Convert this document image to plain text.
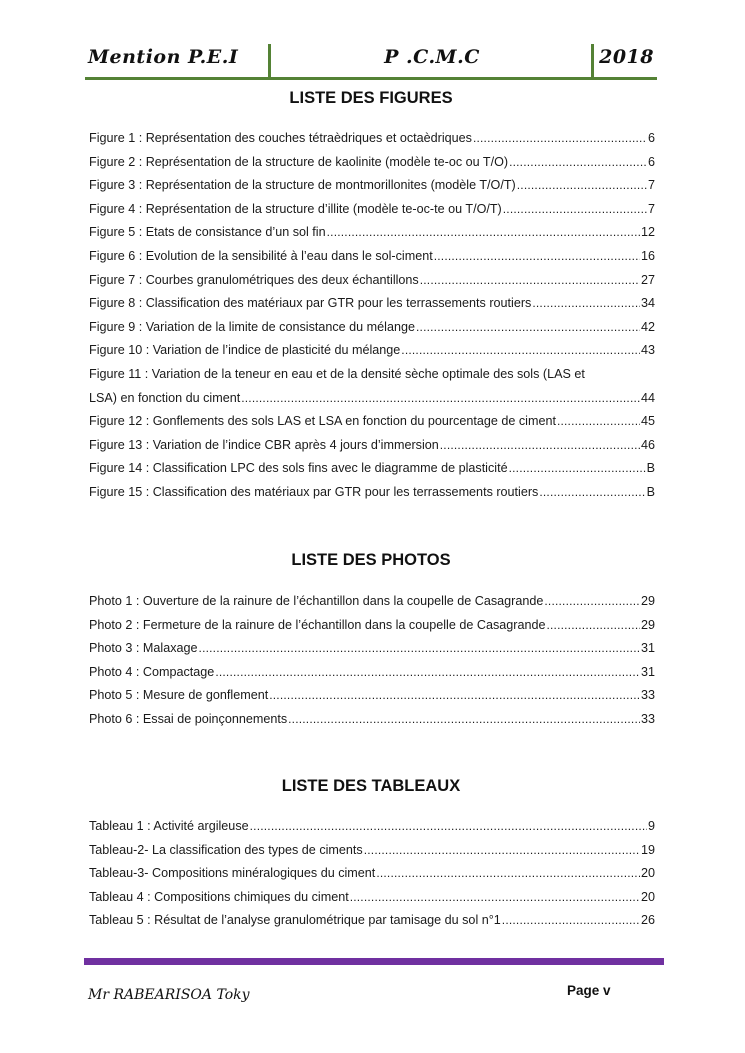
Mention P.E.I	P .C.M.C	2018
LISTE DES FIGURES
Figure 1 : Représentation des couches tétraèdriques et octaèdriques .....	6
Figure 2 : Représentation de la structure de kaolinite (modèle te-oc ou T/O) .....	6
Figure 3 : Représentation de la structure de montmorillonites (modèle T/O/T) .....	7
Figure 4 : Représentation de la structure d’illite (modèle te-oc-te ou T/O/T) .....	7
Figure 5 : Etats de consistance d’un sol fin .....	12
Figure 6 : Evolution de la sensibilité à l’eau dans le sol-ciment .....	16
Figure 7 : Courbes granulométriques des deux échantillons .....	27
Figure 8 : Classification des matériaux par GTR pour les terrassements routiers .....	34
Figure 9 : Variation de la limite de consistance du mélange .....	42
Figure 10 : Variation de l’indice de plasticité du mélange .....	43
Figure 11 : Variation de la teneur en eau et de la densité sèche optimale des sols (LAS et
LSA) en fonction du ciment .....	44
Figure 12 : Gonflements des sols LAS et LSA en fonction du pourcentage de ciment .....	45
Figure 13 : Variation de l’indice CBR après 4 jours d’immersion .....	46
Figure 14 : Classification LPC des sols fins avec le diagramme de plasticité .....	B
Figure 15 : Classification des matériaux par GTR pour les terrassements routiers .....	B
LISTE DES PHOTOS
Photo 1 : Ouverture de la rainure de l’échantillon dans la coupelle de Casagrande .....	29
Photo 2 : Fermeture de la rainure de l’échantillon dans la coupelle de Casagrande .....	29
Photo 3 : Malaxage .....	31
Photo 4 : Compactage .....	31
Photo 5 : Mesure de gonflement .....	33
Photo 6 : Essai de poinçonnements .....	33
LISTE DES TABLEAUX
Tableau 1 : Activité argileuse .....	9
Tableau-2- La classification des types de ciments .....	19
Tableau-3- Compositions minéralogiques du ciment .....	20
Tableau 4 : Compositions chimiques du ciment .....	20
Tableau 5 : Résultat de l’analyse granulométrique par tamisage du sol n°1 .....	26
Mr RABEARISOA Toky	Page v
